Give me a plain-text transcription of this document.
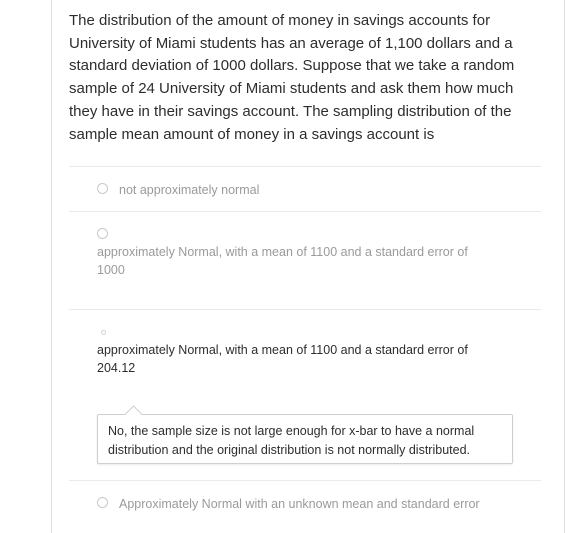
The distribution of the amount of money in savings accounts for University of Miami students has an average of 1,100 dollars and a standard deviation of 1000 dollars. Suppose that we take a random sample of 24 University of Miami students and ask them how much they have in their savings account. The sampling distribution of the sample mean amount of money in a savings account is

not approximately normal

approximately Normal, with a mean of 1100 and a standard error of 1000

approximately Normal, with a mean of 1100 and a standard error of 204.12

No, the sample size is not large enough for x-bar to have a normal distribution and the original distribution is not normally distributed.

Approximately Normal with an unknown mean and standard error
